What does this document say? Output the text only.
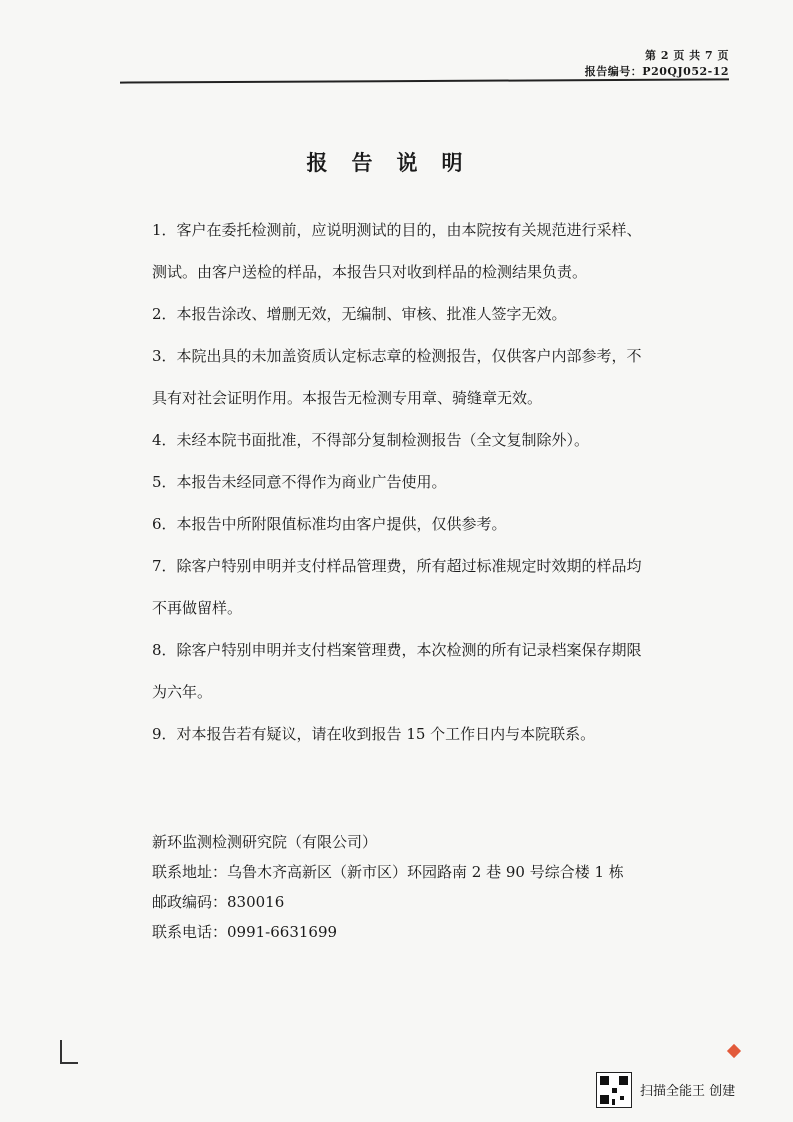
第 2 页 共 7 页
报告编号：P20QJ052-12
报告说明

1．客户在委托检测前，应说明测试的目的，由本院按有关规范进行采样、

测试。由客户送检的样品，本报告只对收到样品的检测结果负责。

2．本报告涂改、增删无效，无编制、审核、批准人签字无效。

3．本院出具的未加盖资质认定标志章的检测报告，仅供客户内部参考，不

具有对社会证明作用。本报告无检测专用章、骑缝章无效。

4．未经本院书面批准，不得部分复制检测报告（全文复制除外）。

5．本报告未经同意不得作为商业广告使用。

6．本报告中所附限值标准均由客户提供，仅供参考。

7．除客户特别申明并支付样品管理费，所有超过标准规定时效期的样品均

不再做留样。

8．除客户特别申明并支付档案管理费，本次检测的所有记录档案保存期限

为六年。

9．对本报告若有疑议，请在收到报告 15 个工作日内与本院联系。

新环监测检测研究院（有限公司）

联系地址：乌鲁木齐高新区（新市区）环园路南 2 巷 90 号综合楼 1 栋

邮政编码：830016

联系电话：0991-6631699

扫描全能王 创建
